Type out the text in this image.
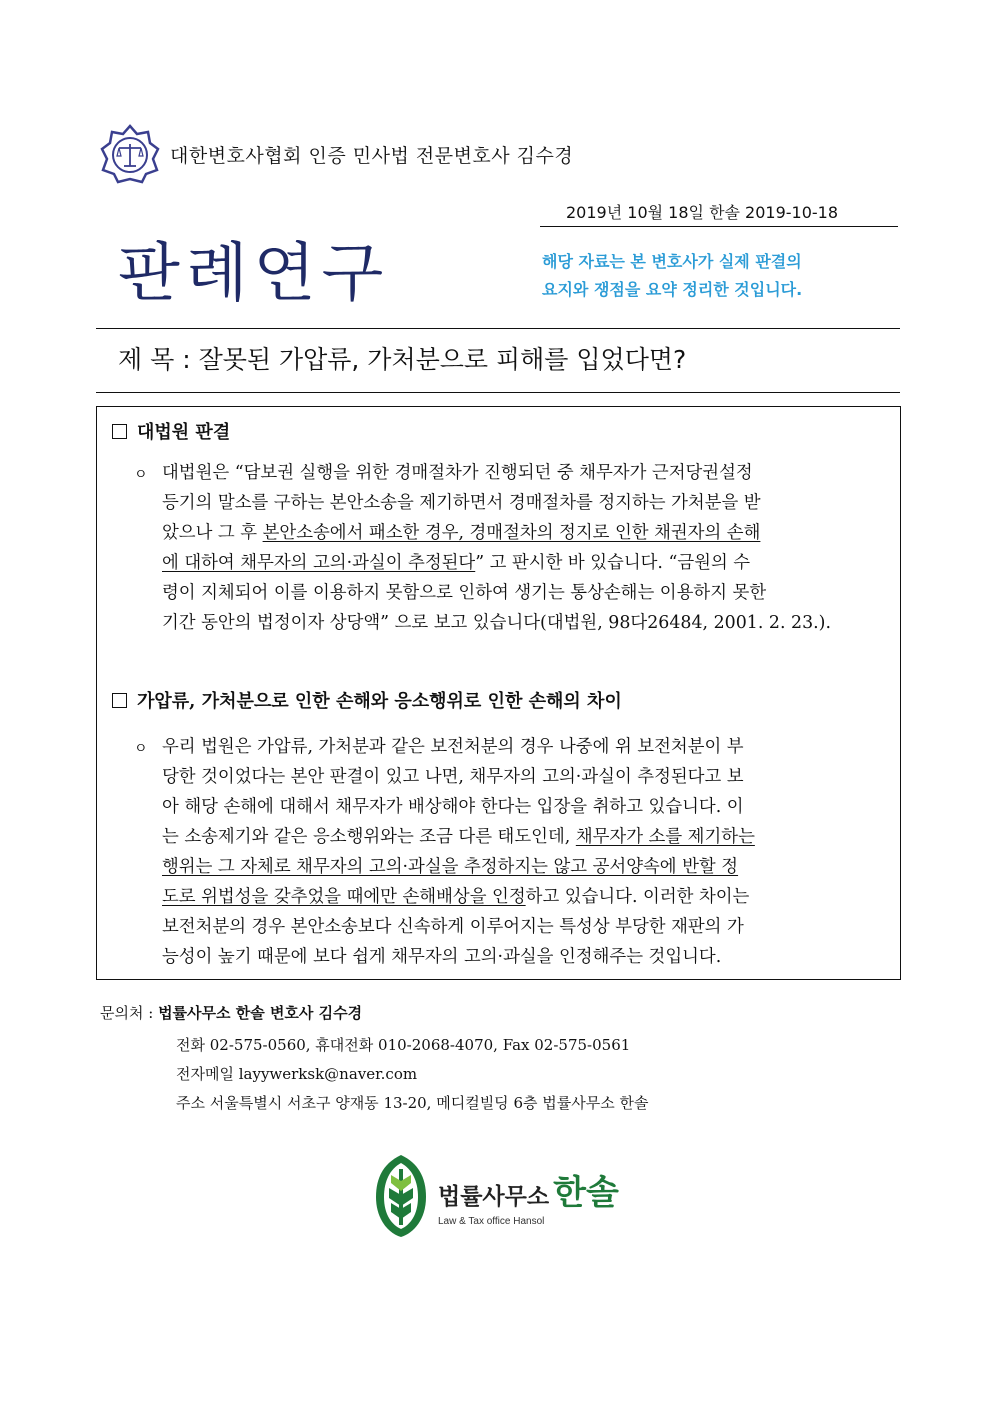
대한변호사협회 인증 민사법 전문변호사 김수경
2019년 10월 18일 한솔 2019-10-18
판례연구	해당 자료는 본 변호사가 실제 판결의
요지와 쟁점을 요약 정리한 것입니다.
제 목 : 잘못된 가압류, 가처분으로 피해를 입었다면?
대법원 판결
ㅇ 대법원은 “담보권 실행을 위한 경매절차가 진행되던 중 채무자가 근저당권설정
등기의 말소를 구하는 본안소송을 제기하면서 경매절차를 정지하는 가처분을 받
았으나 그 후 본안소송에서 패소한 경우, 경매절차의 정지로 인한 채권자의 손해
에 대하여 채무자의 고의·과실이 추정된다” 고 판시한 바 있습니다. “금원의 수
령이 지체되어 이를 이용하지 못함으로 인하여 생기는 통상손해는 이용하지 못한
기간 동안의 법정이자 상당액” 으로 보고 있습니다(대법원, 98다26484, 2001. 2. 23.).
가압류, 가처분으로 인한 손해와 응소행위로 인한 손해의 차이
ㅇ 우리 법원은 가압류, 가처분과 같은 보전처분의 경우 나중에 위 보전처분이 부
당한 것이었다는 본안 판결이 있고 나면, 채무자의 고의·과실이 추정된다고 보
아 해당 손해에 대해서 채무자가 배상해야 한다는 입장을 취하고 있습니다. 이
는 소송제기와 같은 응소행위와는 조금 다른 태도인데, 채무자가 소를 제기하는
행위는 그 자체로 채무자의 고의·과실을 추정하지는 않고 공서양속에 반할 정
도로 위법성을 갖추었을 때에만 손해배상을 인정하고 있습니다. 이러한 차이는
보전처분의 경우 본안소송보다 신속하게 이루어지는 특성상 부당한 재판의 가
능성이 높기 때문에 보다 쉽게 채무자의 고의·과실을 인정해주는 것입니다.
문의처 : 법률사무소 한솔 변호사 김수경
전화 02-575-0560, 휴대전화 010-2068-4070, Fax 02-575-0561
전자메일 layywerksk@naver.com
주소 서울특별시 서초구 양재동 13-20, 메디컬빌딩 6층 법률사무소 한솔
법률사무소 한솔
Law & Tax office Hansol
